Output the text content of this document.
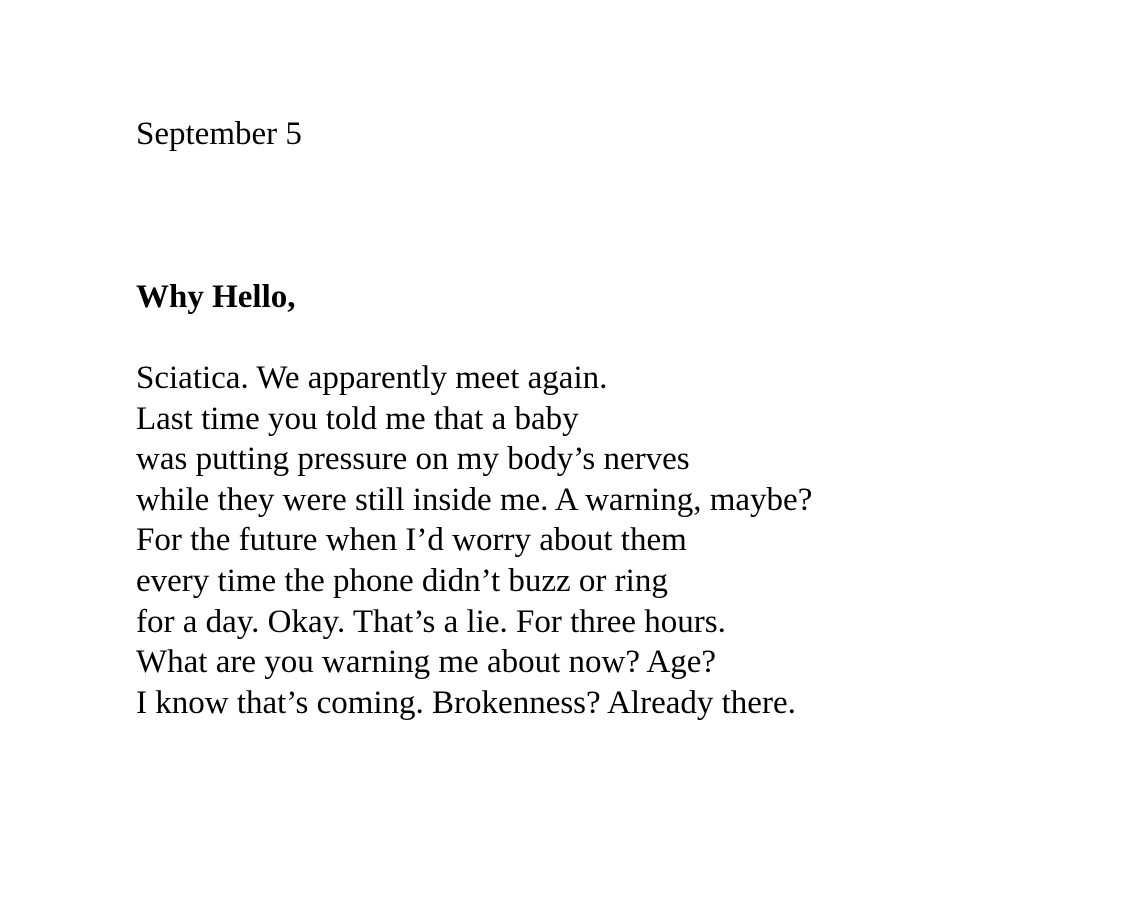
September 5
Why Hello,
Sciatica. We apparently meet again.
Last time you told me that a baby
was putting pressure on my body’s nerves
while they were still inside me. A warning, maybe?
For the future when I’d worry about them
every time the phone didn’t buzz or ring
for a day. Okay. That’s a lie. For three hours.
What are you warning me about now? Age?
I know that’s coming. Brokenness? Already there.
